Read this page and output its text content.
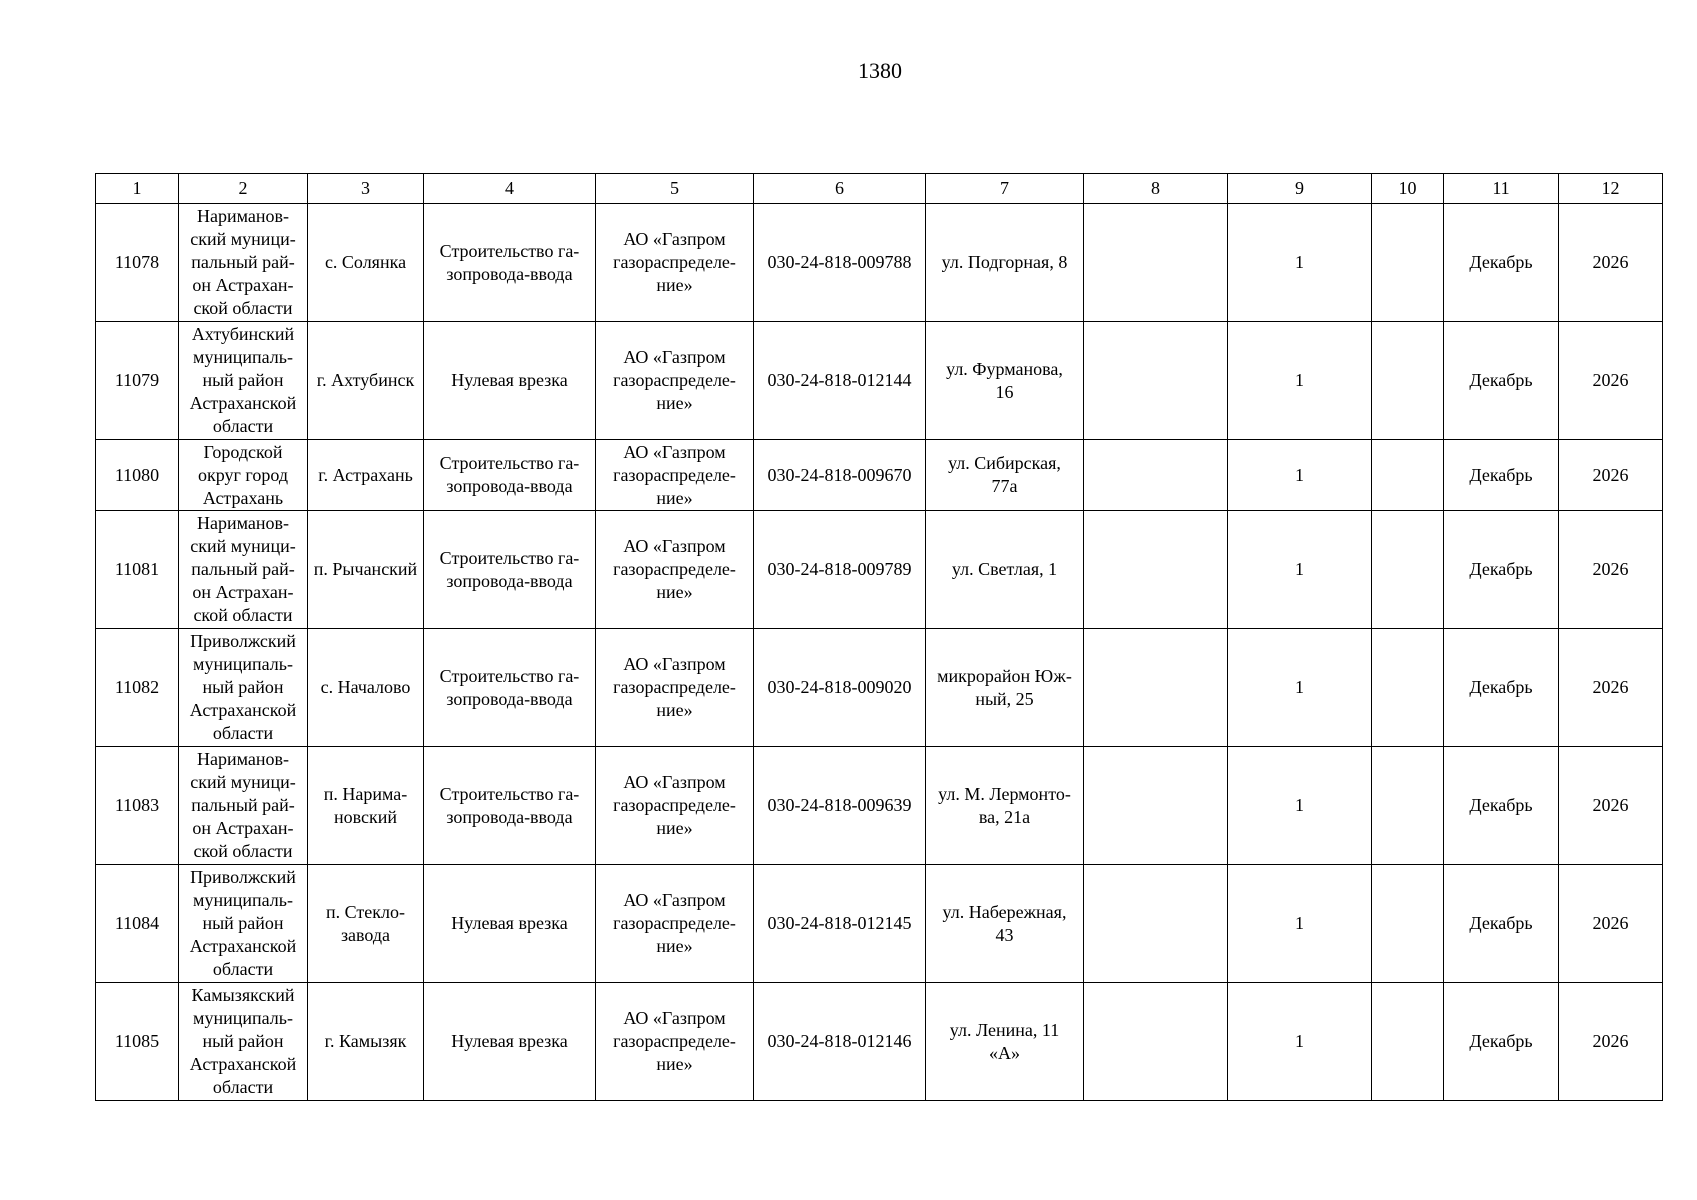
1380
1	2	3	4	5	6	7	8	9	10	11	12
11078	Нариманов-
ский муници-
пальный рай-
он Астрахан-
ской области	с. Солянка	Строительство га-
зопровода-ввода	АО «Газпром
газораспределе-
ние»	030-24-818-009788	ул. Подгорная, 8		1		Декабрь	2026
11079	Ахтубинский
муниципаль-
ный район
Астраханской
области	г. Ахтубинск	Нулевая врезка	АО «Газпром
газораспределе-
ние»	030-24-818-012144	ул. Фурманова,
16		1		Декабрь	2026
11080	Городской
округ город
Астрахань	г. Астрахань	Строительство га-
зопровода-ввода	АО «Газпром
газораспределе-
ние»	030-24-818-009670	ул. Сибирская,
77а		1		Декабрь	2026
11081	Нариманов-
ский муници-
пальный рай-
он Астрахан-
ской области	п. Рычанский	Строительство га-
зопровода-ввода	АО «Газпром
газораспределе-
ние»	030-24-818-009789	ул. Светлая, 1		1		Декабрь	2026
11082	Приволжский
муниципаль-
ный район
Астраханской
области	с. Началово	Строительство га-
зопровода-ввода	АО «Газпром
газораспределе-
ние»	030-24-818-009020	микрорайон Юж-
ный, 25		1		Декабрь	2026
11083	Нариманов-
ский муници-
пальный рай-
он Астрахан-
ской области	п. Нарима-
новский	Строительство га-
зопровода-ввода	АО «Газпром
газораспределе-
ние»	030-24-818-009639	ул. М. Лермонто-
ва, 21а		1		Декабрь	2026
11084	Приволжский
муниципаль-
ный район
Астраханской
области	п. Стекло-
завода	Нулевая врезка	АО «Газпром
газораспределе-
ние»	030-24-818-012145	ул. Набережная,
43		1		Декабрь	2026
11085	Камызякский
муниципаль-
ный район
Астраханской
области	г. Камызяк	Нулевая врезка	АО «Газпром
газораспределе-
ние»	030-24-818-012146	ул. Ленина, 11
«А»		1		Декабрь	2026
